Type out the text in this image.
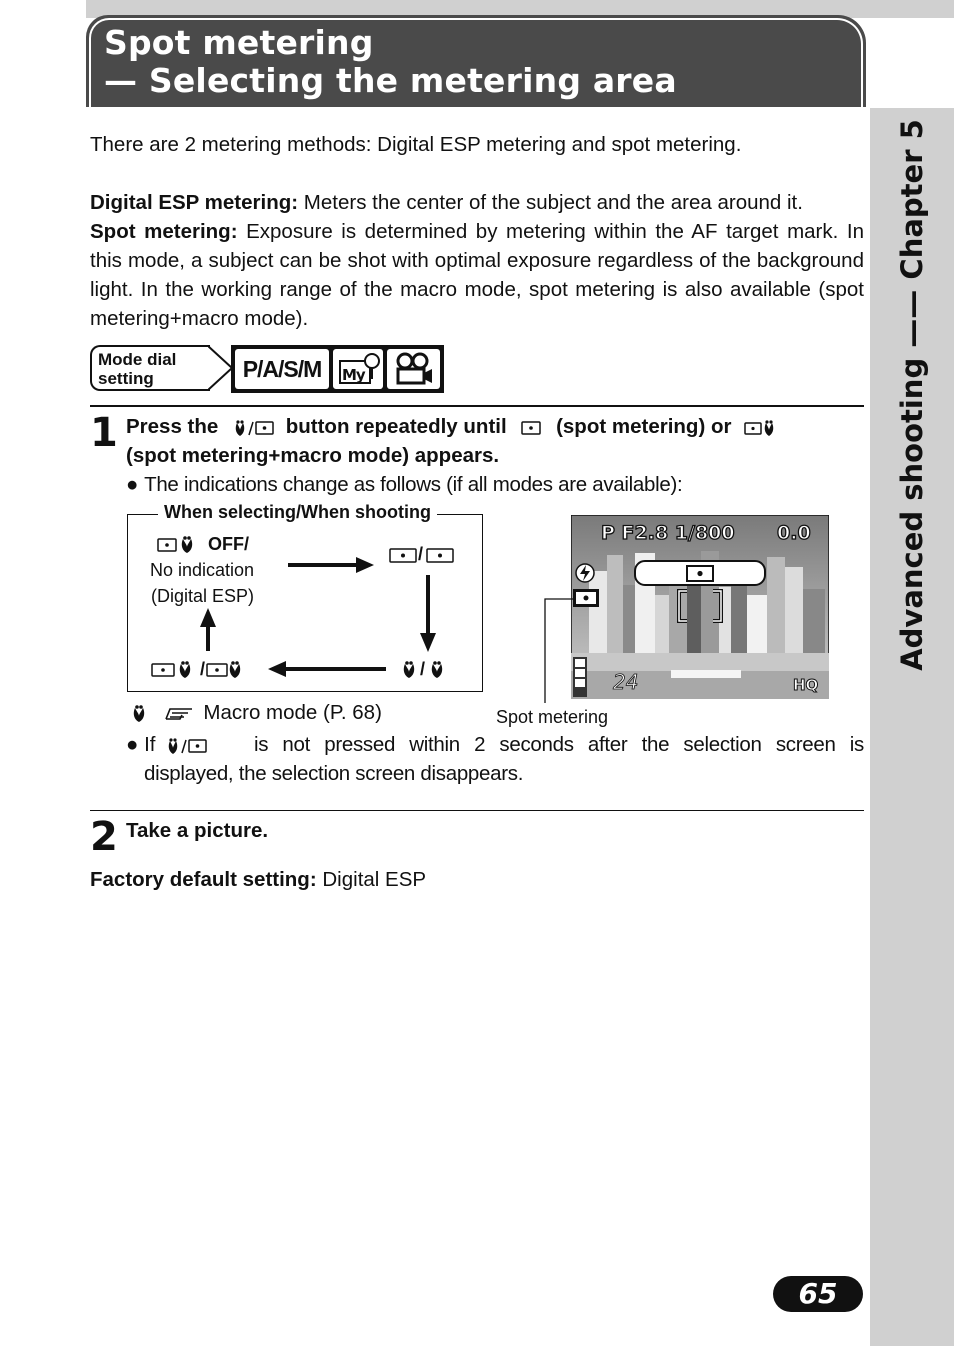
Advanced shooting —— Chapter 5
Spot metering
— Selecting the metering area

There are 2 metering methods: Digital ESP metering and spot metering.

Digital ESP metering: Meters the center of the subject and the area around it.

Spot metering: Exposure is determined by metering within the AF target mark. In this mode, a subject can be shot with optimal exposure regardless of the background light. In the working range of the macro mode, spot metering is also available (spot metering+macro mode).

Mode dial
setting	P/A/S/M	My
1 Press the	button repeatedly until (spot metering) or
(spot metering+macro mode) appears.
● The indications change as follows (if all modes are available):
When selecting/When shooting
OFF/
No indication
(Digital ESP)
/
/
/
P F2.8 1/800 0.0
24	HQ
Spot metering
Macro mode (P. 68)
● If	is not pressed within 2 seconds after the selection screen is displayed, the selection screen disappears.

2 Take a picture.
Factory default setting: Digital ESP
65
